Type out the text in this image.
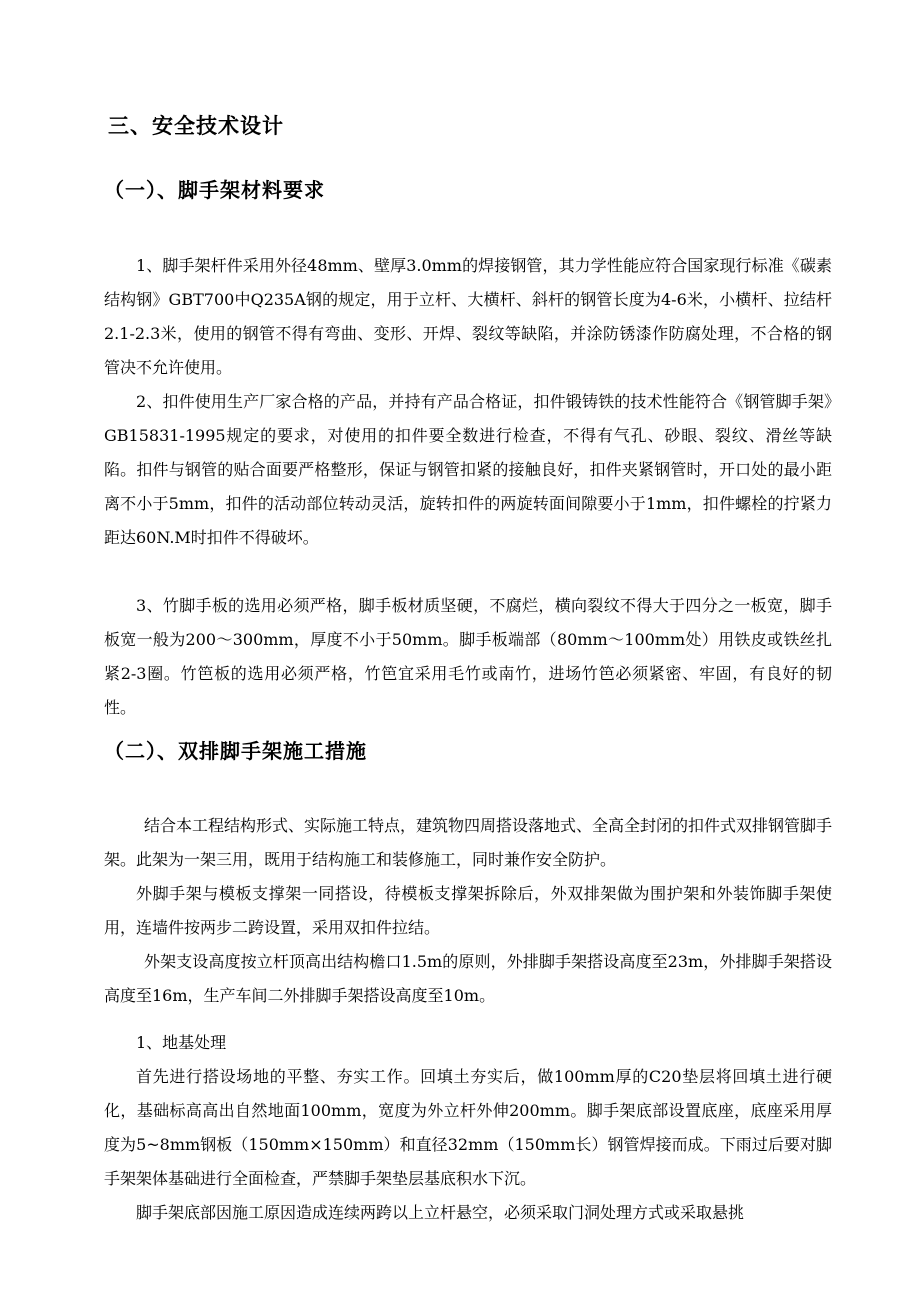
三、安全技术设计
（一）、脚手架材料要求

1、脚手架杆件采用外径48mm、壁厚3.0mm的焊接钢管，其力学性能应符合国家现行标准《碳素结构钢》GBT700中Q235A钢的规定，用于立杆、大横杆、斜杆的钢管长度为4-6米，小横杆、拉结杆2.1-2.3米，使用的钢管不得有弯曲、变形、开焊、裂纹等缺陷，并涂防锈漆作防腐处理，不合格的钢管决不允许使用。

2、扣件使用生产厂家合格的产品，并持有产品合格证，扣件锻铸铁的技术性能符合《钢管脚手架》GB15831-1995规定的要求，对使用的扣件要全数进行检查，不得有气孔、砂眼、裂纹、滑丝等缺陷。扣件与钢管的贴合面要严格整形，保证与钢管扣紧的接触良好，扣件夹紧钢管时，开口处的最小距离不小于5mm，扣件的活动部位转动灵活，旋转扣件的两旋转面间隙要小于1mm，扣件螺栓的拧紧力距达60N.M时扣件不得破坏。

3、竹脚手板的选用必须严格，脚手板材质坚硬，不腐烂，横向裂纹不得大于四分之一板宽，脚手板宽一般为200～300mm，厚度不小于50mm。脚手板端部（80mm～100mm处）用铁皮或铁丝扎紧2-3圈。竹笆板的选用必须严格，竹笆宜采用毛竹或南竹，进场竹笆必须紧密、牢固，有良好的韧性。

（二）、双排脚手架施工措施

结合本工程结构形式、实际施工特点，建筑物四周搭设落地式、全高全封闭的扣件式双排钢管脚手架。此架为一架三用，既用于结构施工和装修施工，同时兼作安全防护。

外脚手架与模板支撑架一同搭设，待模板支撑架拆除后，外双排架做为围护架和外装饰脚手架使用，连墙件按两步二跨设置，采用双扣件拉结。

外架支设高度按立杆顶高出结构檐口1.5m的原则，外排脚手架搭设高度至23m，外排脚手架搭设高度至16m，生产车间二外排脚手架搭设高度至10m。

1、地基处理

首先进行搭设场地的平整、夯实工作。回填土夯实后，做100mm厚的C20垫层将回填土进行硬化，基础标高高出自然地面100mm，宽度为外立杆外伸200mm。脚手架底部设置底座，底座采用厚度为5~8mm钢板（150mm×150mm）和直径32mm（150mm长）钢管焊接而成。下雨过后要对脚手架架体基础进行全面检查，严禁脚手架垫层基底积水下沉。

脚手架底部因施工原因造成连续两跨以上立杆悬空，必须采取门洞处理方式或采取悬挑
